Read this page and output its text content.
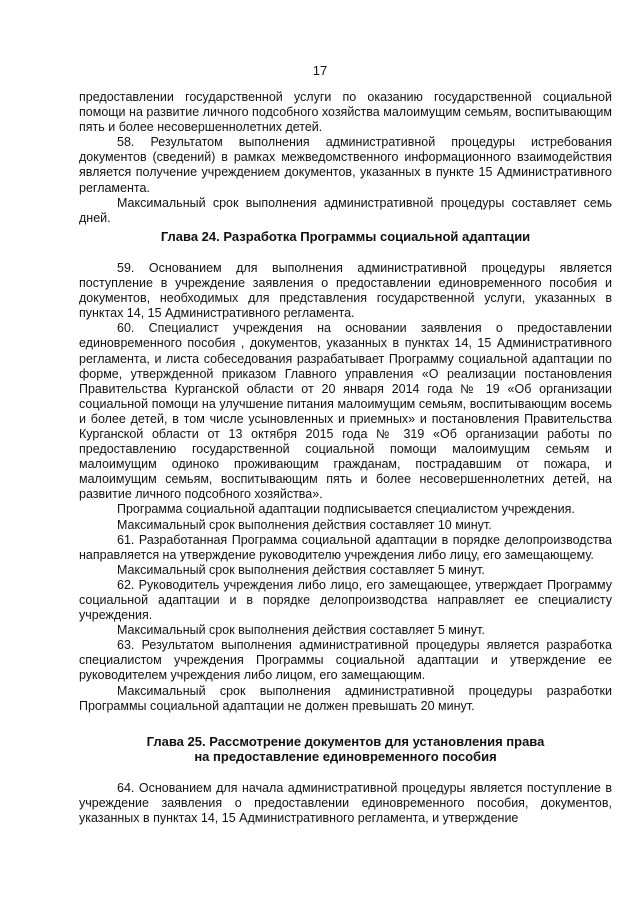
17

предоставлении государственной услуги по оказанию государственной социальной помощи на развитие личного подсобного хозяйства малоимущим семьям, воспитывающим пять и более несовершеннолетних детей.

58. Результатом выполнения административной процедуры истребования документов (сведений) в рамках межведомственного информационного взаимодействия является получение учреждением документов, указанных в пункте 15 Административного регламента.

Максимальный срок выполнения административной процедуры составляет семь дней.

Глава 24. Разработка Программы социальной адаптации

59. Основанием для выполнения административной процедуры является поступление в учреждение заявления о предоставлении единовременного пособия и документов, необходимых для представления государственной услуги, указанных в пунктах 14, 15 Административного регламента.

60. Специалист учреждения на основании заявления о предоставлении единовременного пособия , документов, указанных в пунктах 14, 15 Административного регламента, и листа собеседования разрабатывает Программу социальной адаптации по форме, утвержденной приказом Главного управления «О реализации постановления Правительства Курганской области от 20 января 2014 года № 19 «Об организации социальной помощи на улучшение питания малоимущим семьям, воспитывающим восемь и более детей, в том числе усыновленных и приемных» и постановления Правительства Курганской области от 13 октября 2015 года № 319 «Об организации работы по предоставлению государственной социальной помощи малоимущим семьям и малоимущим одиноко проживающим гражданам, пострадавшим от пожара, и малоимущим семьям, воспитывающим пять и более несовершеннолетних детей, на развитие личного подсобного хозяйства».

Программа социальной адаптации подписывается специалистом учреждения.

Максимальный срок выполнения действия составляет 10 минут.

61. Разработанная Программа социальной адаптации в порядке делопроизводства направляется на утверждение руководителю учреждения либо лицу, его замещающему.

Максимальный срок выполнения действия составляет 5 минут.

62. Руководитель учреждения либо лицо, его замещающее, утверждает Программу социальной адаптации и в порядке делопроизводства направляет ее специалисту учреждения.

Максимальный срок выполнения действия составляет 5 минут.

63. Результатом выполнения административной процедуры является разработка специалистом учреждения Программы социальной адаптации и утверждение ее руководителем учреждения либо лицом, его замещающим.

Максимальный срок выполнения административной процедуры разработки Программы социальной адаптации не должен превышать 20 минут.

Глава 25. Рассмотрение документов для установления права
на предоставление единовременного пособия

64. Основанием для начала административной процедуры является поступление в учреждение заявления о предоставлении единовременного пособия, документов, указанных в пунктах 14, 15 Административного регламента, и утверждение
